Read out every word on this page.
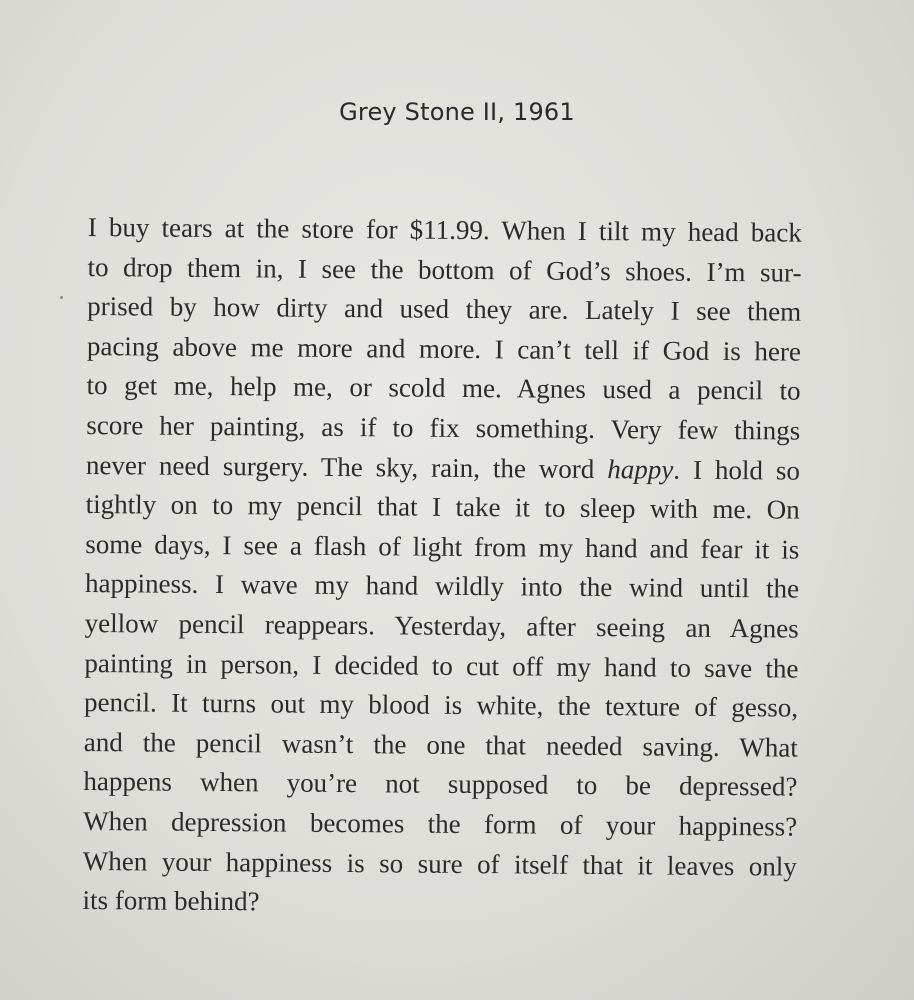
Grey Stone II, 1961
I buy tears at the store for $11.99. When I tilt my head back
to drop them in, I see the bottom of God’s shoes. I’m sur-
prised by how dirty and used they are. Lately I see them
pacing above me more and more. I can’t tell if God is here
to get me, help me, or scold me. Agnes used a pencil to
score her painting, as if to fix something. Very few things
never need surgery. The sky, rain, the word happy. I hold so
tightly on to my pencil that I take it to sleep with me. On
some days, I see a flash of light from my hand and fear it is
happiness. I wave my hand wildly into the wind until the
yellow pencil reappears. Yesterday, after seeing an Agnes
painting in person, I decided to cut off my hand to save the
pencil. It turns out my blood is white, the texture of gesso,
and the pencil wasn’t the one that needed saving. What
happens when you’re not supposed to be depressed?
When depression becomes the form of your happiness?
When your happiness is so sure of itself that it leaves only
its form behind?
